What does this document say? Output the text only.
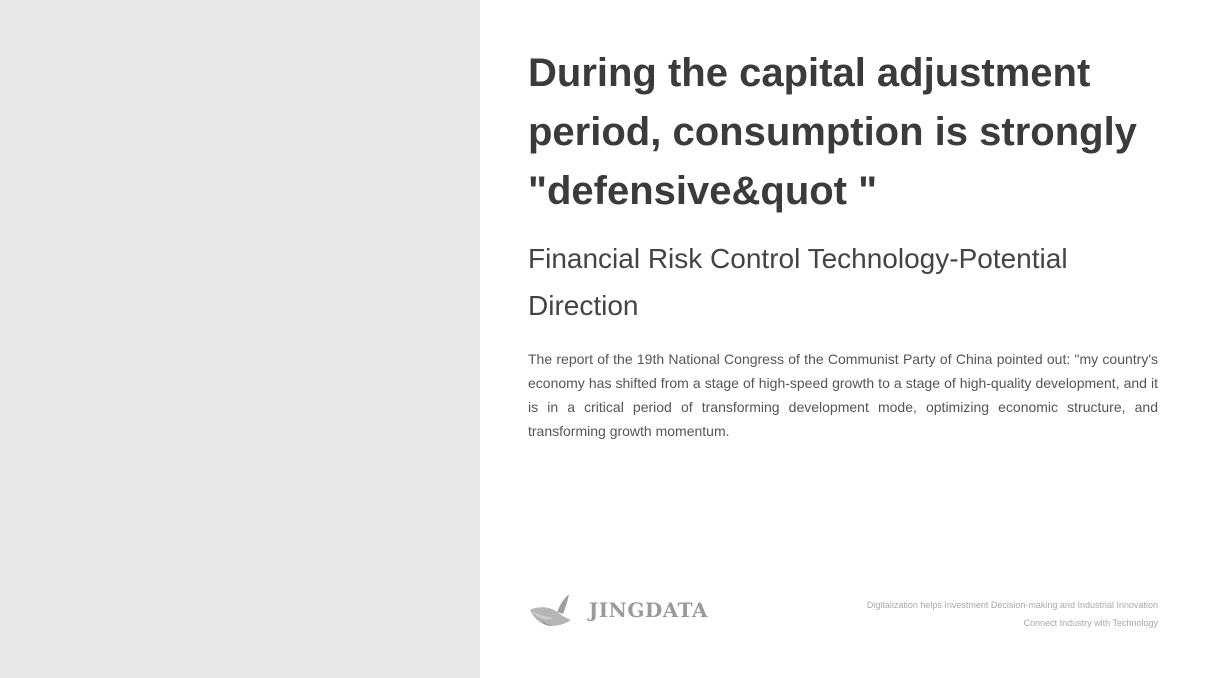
During the capital adjustment period, consumption is strongly "defensive&quot "
Financial Risk Control Technology-Potential Direction

The report of the 19th National Congress of the Communist Party of China pointed out: "my country's economy has shifted from a stage of high-speed growth to a stage of high-quality development, and it is in a critical period of transforming development mode, optimizing economic structure, and transforming growth momentum.

JINGDATA	Digitalization helps Investment Decision-making and Industrial Innovation
Connect Industry with Technology
